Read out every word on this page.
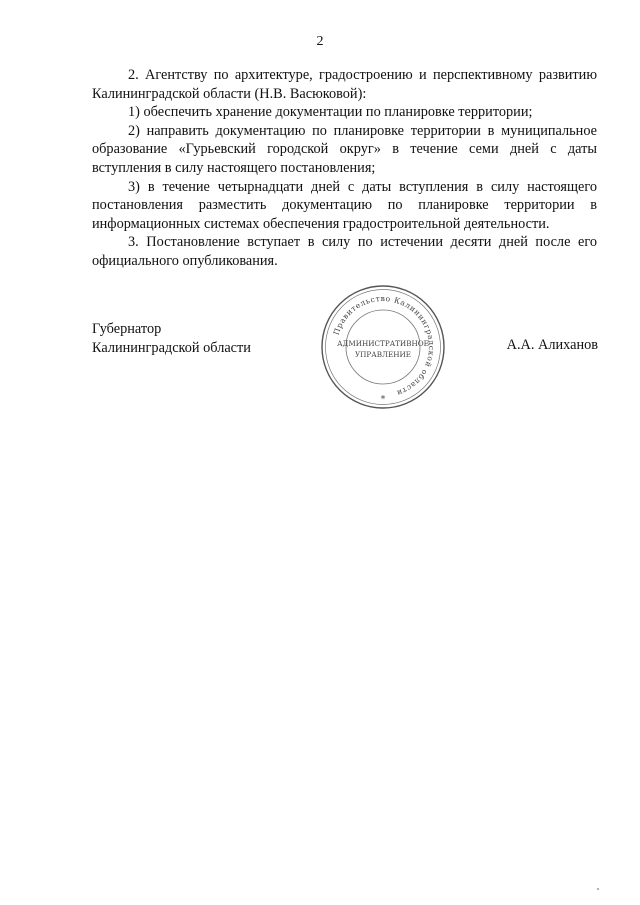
2

2. Агентству по архитектуре, градостроению и перспективному развитию Калининградской области (Н.В. Васюковой):

1) обеспечить хранение документации по планировке территории;

2) направить документацию по планировке территории в муниципальное образование «Гурьевский городской округ» в течение семи дней с даты вступления в силу настоящего постановления;

3) в течение четырнадцати дней с даты вступления в силу настоящего постановления разместить документацию по планировке территории в информационных системах обеспечения градостроительной деятельности.

3. Постановление вступает в силу по истечении десяти дней после его официального опубликования.

Губернатор
Калининградской области	А.А. Алиханов
Правительство Калининградской области
АДМИНИСТРАТИВНОЕ
УПРАВЛЕНИЕ
*
